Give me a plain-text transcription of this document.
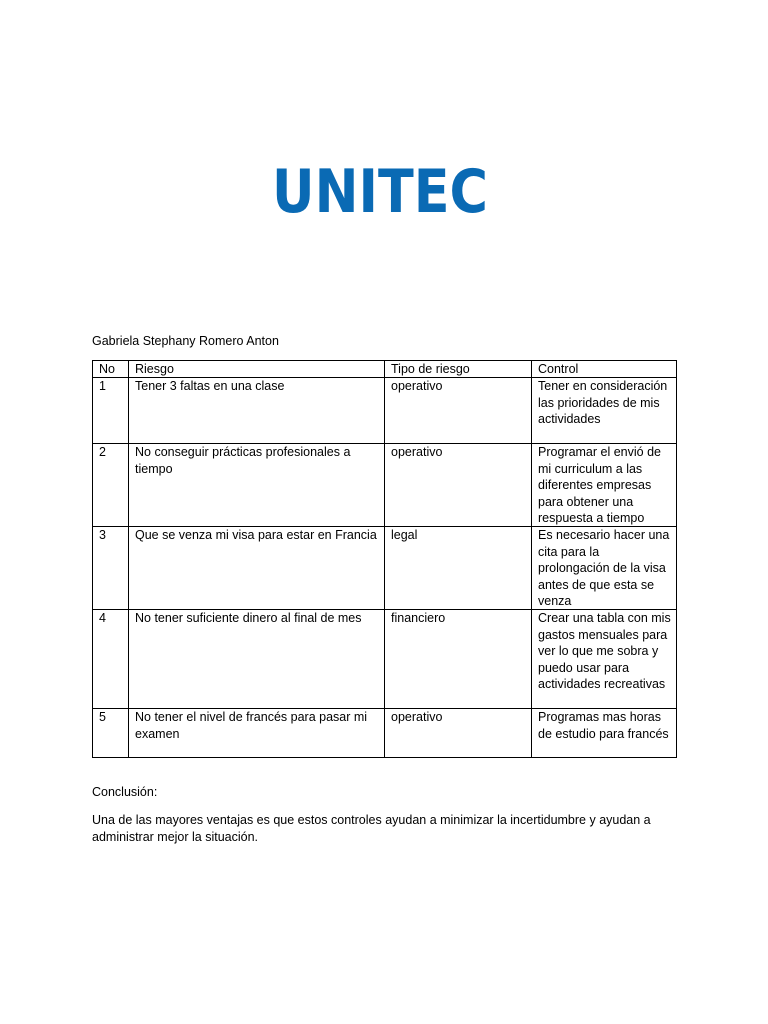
UNITEC
Gabriela Stephany Romero Anton
No	Riesgo	Tipo de riesgo	Control
1	Tener 3 faltas en una clase	operativo	Tener en consideración las prioridades de mis actividades
2	No conseguir prácticas profesionales a tiempo	operativo	Programar el envió de mi curriculum a las diferentes empresas para obtener una respuesta a tiempo
3	Que se venza mi visa para estar en Francia	legal	Es necesario hacer una cita para la prolongación de la visa antes de que esta se venza
4	No tener suficiente dinero al final de mes	financiero	Crear una tabla con mis gastos mensuales para ver lo que me sobra y puedo usar para actividades recreativas
5	No tener el nivel de francés para pasar mi examen	operativo	Programas mas horas de estudio para francés
Conclusión:
Una de las mayores ventajas es que estos controles ayudan a minimizar la incertidumbre y ayudan a administrar mejor la situación.
